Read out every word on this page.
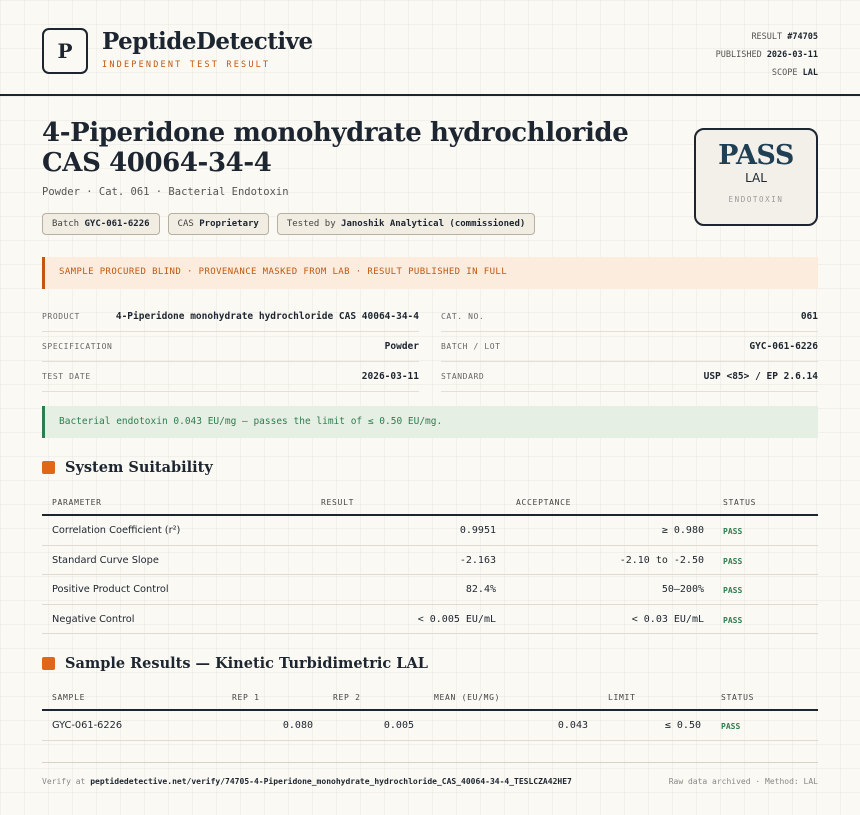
P PeptideDetective
INDEPENDENT TEST RESULT
RESULT #74705
PUBLISHED 2026-03-11
SCOPE LAL
4-Piperidone monohydrate hydrochloride CAS 40064-34-4
Powder · Cat. 061 · Bacterial Endotoxin
Batch GYC-061-6226	CAS Proprietary	Tested by Janoshik Analytical (commissioned)
PASS
LAL
ENDOTOXIN
SAMPLE PROCURED BLIND · PROVENANCE MASKED FROM LAB · RESULT PUBLISHED IN FULL
PRODUCT	4-Piperidone monohydrate hydrochloride CAS 40064-34-4	CAT. NO.	061
SPECIFICATION	Powder	BATCH / LOT	GYC-061-6226
TEST DATE	2026-03-11	STANDARD	USP <85> / EP 2.6.14
Bacterial endotoxin 0.043 EU/mg — passes the limit of ≤ 0.50 EU/mg.
System Suitability
PARAMETER	RESULT	ACCEPTANCE	STATUS
Correlation Coefficient (r²)	0.9951	≥ 0.980 PASS
Standard Curve Slope	-2.163	-2.10 to -2.50 PASS
Positive Product Control	82.4%	50–200% PASS
Negative Control	< 0.005 EU/mL	< 0.03 EU/mL PASS
Sample Results — Kinetic Turbidimetric LAL
SAMPLE	REP 1	REP 2	MEAN (EU/MG)	LIMIT	STATUS
GYC-061-6226	0.080	0.005	0.043	≤ 0.50	PASS
Verify at peptidedetective.net/verify/74705-4-Piperidone_monohydrate_hydrochloride_CAS_40064-34-4_TESLCZA42HE7	Raw data archived · Method: LAL
